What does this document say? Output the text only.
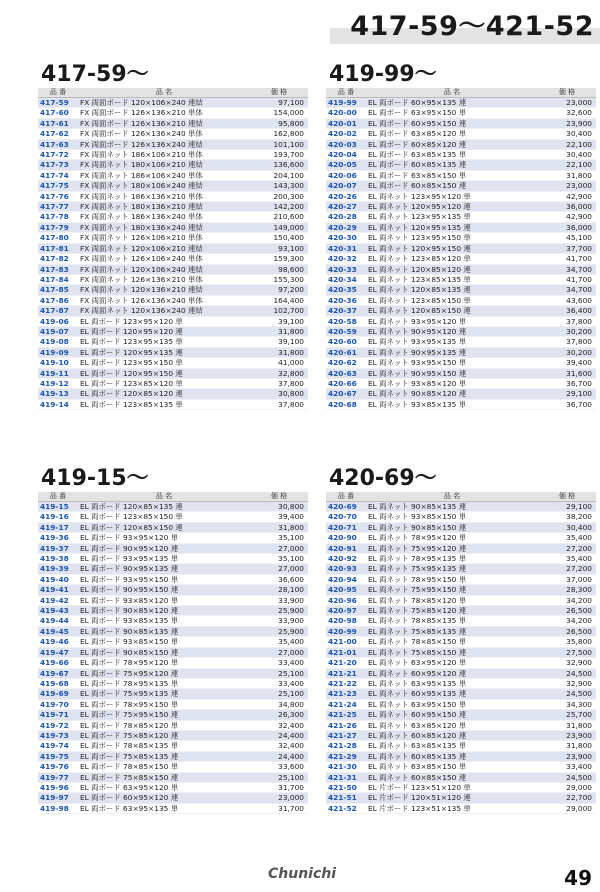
417-59～421-52
417-59～
品 番	品 名	価 格
417-59	FX 両面ボード 120×106×240 連結	97,100
417-60	FX 両面ボード 126×136×210 単体	154,000
417-61	FX 両面ボード 126×136×210 連結	95,800
417-62	FX 両面ボード 126×136×240 単体	162,800
417-63	FX 両面ボード 126×136×240 連結	101,100
417-72	FX 両面ネット 186×106×210 単体	193,700
417-73	FX 両面ネット 180×106×210 連結	136,600
417-74	FX 両面ネット 186×106×240 単体	204,100
417-75	FX 両面ネット 180×106×240 連結	143,300
417-76	FX 両面ネット 186×136×210 単体	200,300
417-77	FX 両面ネット 180×136×210 連結	142,200
417-78	FX 両面ネット 186×136×240 単体	210,600
417-79	FX 両面ネット 180×136×240 連結	149,000
417-80	FX 両面ネット 126×106×210 単体	150,400
417-81	FX 両面ネット 120×106×210 連結	93,100
417-82	FX 両面ネット 126×106×240 単体	159,300
417-83	FX 両面ネット 120×106×240 連結	98,600
417-84	FX 両面ネット 126×136×210 単体	155,300
417-85	FX 両面ネット 120×136×210 連結	97,200
417-86	FX 両面ネット 126×136×240 単体	164,400
417-87	FX 両面ネット 120×136×240 連結	102,700
419-06	EL 両ボード 123×95×120 単	39,100
419-07	EL 両ボード 120×95×120 連	31,800
419-08	EL 両ボード 123×95×135 単	39,100
419-09	EL 両ボード 120×95×135 連	31,800
419-10	EL 両ボード 123×95×150 単	41,000
419-11	EL 両ボード 120×95×150 連	32,800
419-12	EL 両ボード 123×85×120 単	37,800
419-13	EL 両ボード 120×85×120 連	30,800
419-14	EL 両ボード 123×85×135 単	37,800
419-99～
品 番	品 名	価 格
419-99	EL 両ボード 60×95×135 連	23,000
420-00	EL 両ボード 63×95×150 単	32,600
420-01	EL 両ボード 60×95×150 連	23,900
420-02	EL 両ボード 63×85×120 単	30,400
420-03	EL 両ボード 60×85×120 連	22,100
420-04	EL 両ボード 63×85×135 単	30,400
420-05	EL 両ボード 60×85×135 連	22,100
420-06	EL 両ボード 63×85×150 単	31,800
420-07	EL 両ボード 60×85×150 連	23,000
420-26	EL 両ネット 123×95×120 単	42,900
420-27	EL 両ネット 120×95×120 連	36,000
420-28	EL 両ネット 123×95×135 単	42,900
420-29	EL 両ネット 120×95×135 連	36,000
420-30	EL 両ネット 123×95×150 単	45,100
420-31	EL 両ネット 120×95×150 連	37,700
420-32	EL 両ネット 123×85×120 単	41,700
420-33	EL 両ネット 120×85×120 連	34,700
420-34	EL 両ネット 123×85×135 単	41,700
420-35	EL 両ネット 120×85×135 連	34,700
420-36	EL 両ネット 123×85×150 単	43,600
420-37	EL 両ネット 120×85×150 連	36,400
420-58	EL 両ネット 93×95×120 単	37,800
420-59	EL 両ネット 90×95×120 連	30,200
420-60	EL 両ネット 93×95×135 単	37,800
420-61	EL 両ネット 90×95×135 連	30,200
420-62	EL 両ネット 93×95×150 単	39,400
420-63	EL 両ネット 90×95×150 連	31,600
420-66	EL 両ネット 93×85×120 単	36,700
420-67	EL 両ネット 90×85×120 連	29,100
420-68	EL 両ネット 93×85×135 単	36,700
419-15～
品 番	品 名	価 格
419-15	EL 両ボード 120×85×135 連	30,800
419-16	EL 両ボード 123×85×150 単	39,400
419-17	EL 両ボード 120×85×150 連	31,800
419-36	EL 両ボード 93×95×120 単	35,100
419-37	EL 両ボード 90×95×120 連	27,000
419-38	EL 両ボード 93×95×135 単	35,100
419-39	EL 両ボード 90×95×135 連	27,000
419-40	EL 両ボード 93×95×150 単	36,600
419-41	EL 両ボード 90×95×150 連	28,100
419-42	EL 両ボード 93×85×120 単	33,900
419-43	EL 両ボード 90×85×120 連	25,900
419-44	EL 両ボード 93×85×135 単	33,900
419-45	EL 両ボード 90×85×135 連	25,900
419-46	EL 両ボード 93×85×150 単	35,400
419-47	EL 両ボード 90×85×150 連	27,000
419-66	EL 両ボード 78×95×120 単	33,400
419-67	EL 両ボード 75×95×120 連	25,100
419-68	EL 両ボード 78×95×135 単	33,400
419-69	EL 両ボード 75×95×135 連	25,100
419-70	EL 両ボード 78×95×150 単	34,800
419-71	EL 両ボード 75×95×150 連	26,300
419-72	EL 両ボード 78×85×120 単	32,400
419-73	EL 両ボード 75×85×120 連	24,400
419-74	EL 両ボード 78×85×135 単	32,400
419-75	EL 両ボード 75×85×135 連	24,400
419-76	EL 両ボード 78×85×150 単	33,600
419-77	EL 両ボード 75×85×150 連	25,100
419-96	EL 両ボード 63×95×120 単	31,700
419-97	EL 両ボード 60×95×120 連	23,000
419-98	EL 両ボード 63×95×135 単	31,700
420-69～
品 番	品 名	価 格
420-69	EL 両ネット 90×85×135 連	29,100
420-70	EL 両ネット 93×85×150 単	38,200
420-71	EL 両ネット 90×85×150 連	30,400
420-90	EL 両ネット 78×95×120 単	35,400
420-91	EL 両ネット 75×95×120 連	27,200
420-92	EL 両ネット 78×95×135 単	35,400
420-93	EL 両ネット 75×95×135 連	27,200
420-94	EL 両ネット 78×95×150 単	37,000
420-95	EL 両ネット 75×95×150 連	28,300
420-96	EL 両ネット 78×85×120 単	34,200
420-97	EL 両ネット 75×85×120 連	26,500
420-98	EL 両ネット 78×85×135 単	34,200
420-99	EL 両ネット 75×85×135 連	26,500
421-00	EL 両ネット 78×85×150 単	35,800
421-01	EL 両ネット 75×85×150 連	27,500
421-20	EL 両ネット 63×95×120 単	32,900
421-21	EL 両ネット 60×95×120 連	24,500
421-22	EL 両ネット 63×95×135 単	32,900
421-23	EL 両ネット 60×95×135 連	24,500
421-24	EL 両ネット 63×95×150 単	34,300
421-25	EL 両ネット 60×95×150 連	25,700
421-26	EL 両ネット 63×85×120 単	31,800
421-27	EL 両ネット 60×85×120 連	23,900
421-28	EL 両ネット 63×85×135 単	31,800
421-29	EL 両ネット 60×85×135 連	23,900
421-30	EL 両ネット 63×85×150 単	33,400
421-31	EL 両ネット 60×85×150 連	24,500
421-50	EL 片ボード 123×51×120 単	29,000
421-51	EL 片ボード 120×51×120 連	22,700
421-52	EL 片ボード 123×51×135 単	29,000
Chunichi	49
